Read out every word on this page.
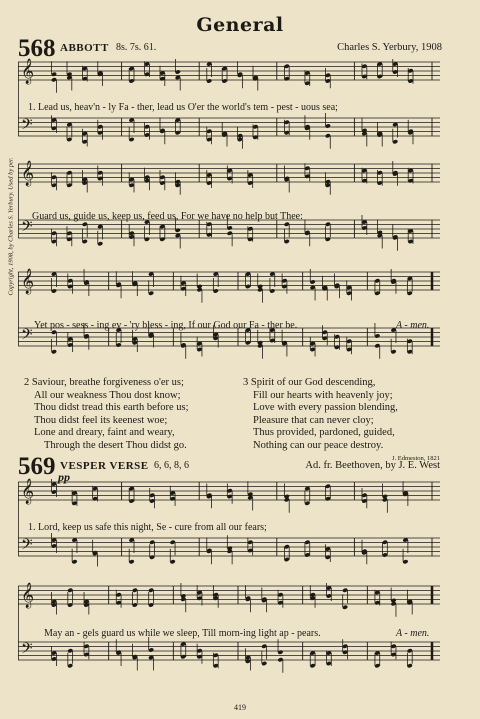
General
568 ABBOTT 8s. 7s. 61.	Charles S. Yerbury, 1908
Copyright, 1908, by Charles S. Yerbury. Used by per.
𝄞
𝄢
1. Lead us, heav'n - ly Fa - ther, lead us O'er the world's tem - pest - uous sea;
𝄞
𝄢
Guard us, guide us, keep us, feed us, For we have no help but Thee:
𝄞
𝄢
Yet pos - sess - ing ev - 'ry bless - ing, If our God our Fa - ther be.	A - men.
2 Saviour, breathe forgiveness o'er us;
All our weakness Thou dost know;
Thou didst tread this earth before us;
Thou didst feel its keenest woe;
Lone and dreary, faint and weary,
Through the desert Thou didst go.
3 Spirit of our God descending,
Fill our hearts with heavenly joy;
Love with every passion blending,
Pleasure that can never cloy;
Thus provided, pardoned, guided,
Nothing can our peace destroy.
J. Edmeston, 1821
569 VESPER VERSE 6, 6, 8, 6	Ad. fr. Beethoven, by J. E. West
pp
𝄞
𝄢
1. Lord, keep us safe this night, Se - cure from all our fears;
𝄞
𝄢
May an - gels guard us while we sleep, Till morn-ing light ap - pears.	A - men.
419
